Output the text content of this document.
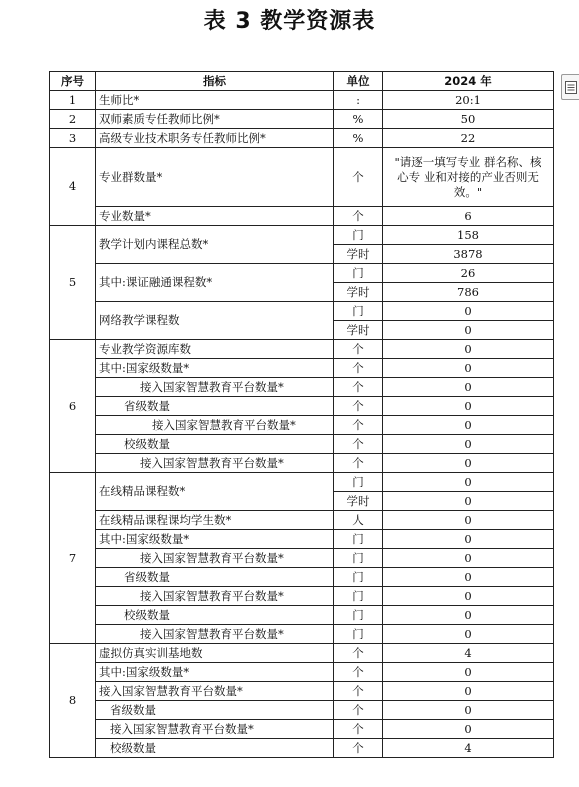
表 3 教学资源表
序号	指标	单位	2024 年
1	生师比*	:	20:1
2	双师素质专任教师比例*	%	50
3	高级专业技术职务专任教师比例*	%	22
4	专业群数量*	个	"请逐一填写专业 群名称、核心专 业和对接的产业否则无效。"
	专业数量*	个	6
5	教学计划内课程总数*	门	158
		学时	3878
	其中:课证融通课程数*	门	26
		学时	786
	网络教学课程数	门	0
		学时	0
6	专业教学资源库数	个	0
	其中:国家级数量*	个	0
	接入国家智慧教育平台数量*	个	0
	省级数量	个	0
	接入国家智慧教育平台数量*	个	0
	校级数量	个	0
	接入国家智慧教育平台数量*	个	0
7	在线精品课程数*	门	0
		学时	0
	在线精品课程课均学生数*	人	0
	其中:国家级数量*	门	0
	接入国家智慧教育平台数量*	门	0
	省级数量	门	0
	接入国家智慧教育平台数量*	门	0
	校级数量	门	0
	接入国家智慧教育平台数量*	门	0
8	虚拟仿真实训基地数	个	4
	其中:国家级数量*	个	0
	接入国家智慧教育平台数量*	个	0
	省级数量	个	0
	接入国家智慧教育平台数量*	个	0
	校级数量	个	4
